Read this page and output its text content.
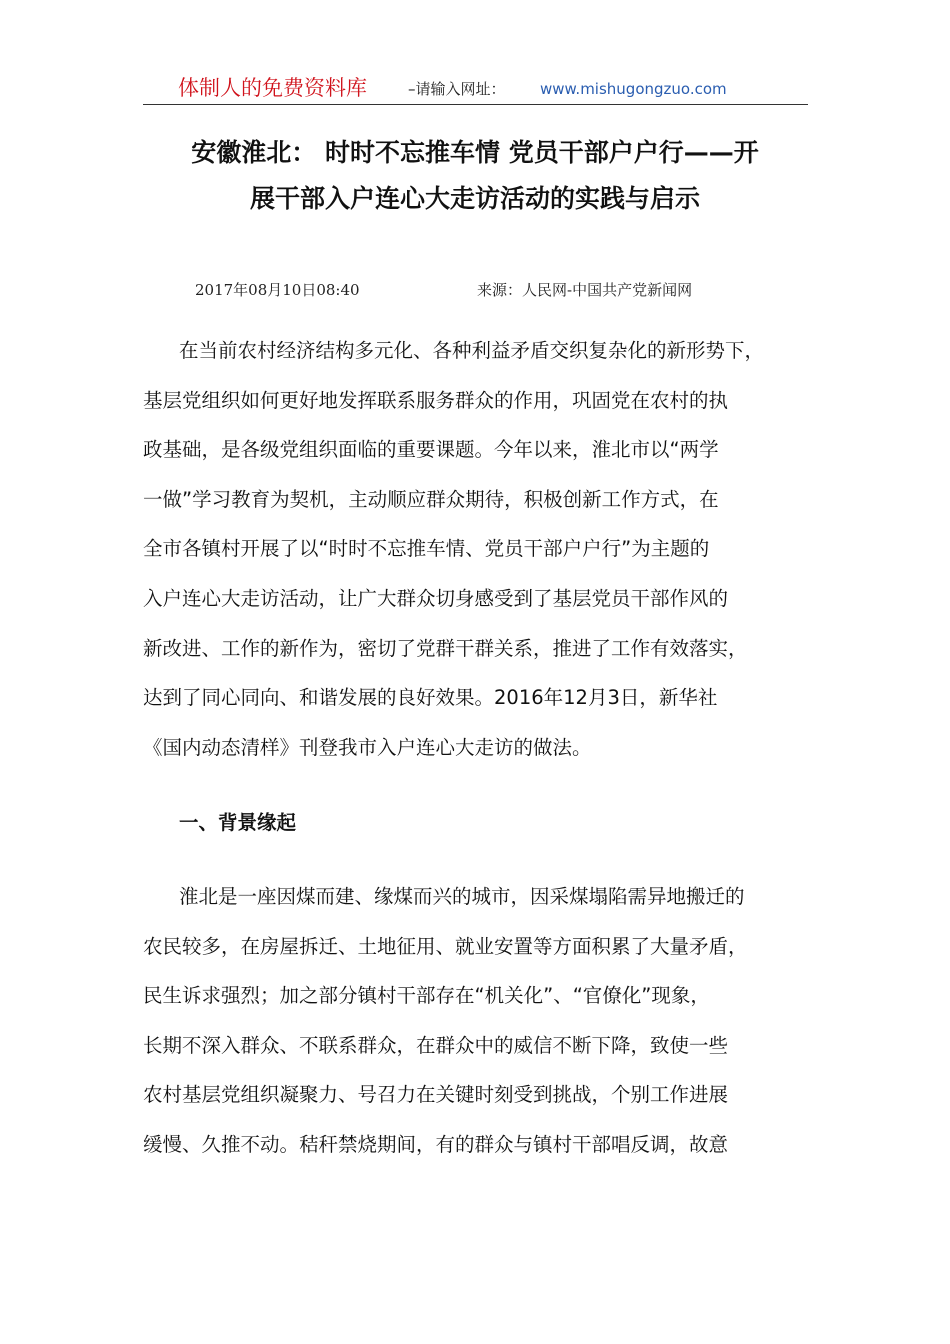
体制人的免费资料库	–请输入网址： www.mishugongzuo.com
安徽淮北： 时时不忘推车情 党员干部户户行——开
展干部入户连心大走访活动的实践与启示
2017年08月10日08:40	来源：人民网-中国共产党新闻网
在当前农村经济结构多元化、各种利益矛盾交织复杂化的新形势下，
基层党组织如何更好地发挥联系服务群众的作用，巩固党在农村的执
政基础，是各级党组织面临的重要课题。今年以来，淮北市以“两学
一做”学习教育为契机，主动顺应群众期待，积极创新工作方式，在
全市各镇村开展了以“时时不忘推车情、党员干部户户行”为主题的
入户连心大走访活动，让广大群众切身感受到了基层党员干部作风的
新改进、工作的新作为，密切了党群干群关系，推进了工作有效落实，
达到了同心同向、和谐发展的良好效果。2016年12月3日，新华社
《国内动态清样》刊登我市入户连心大走访的做法。
一、背景缘起
淮北是一座因煤而建、缘煤而兴的城市，因采煤塌陷需异地搬迁的
农民较多，在房屋拆迁、土地征用、就业安置等方面积累了大量矛盾，
民生诉求强烈；加之部分镇村干部存在“机关化”、“官僚化”现象，
长期不深入群众、不联系群众，在群众中的威信不断下降，致使一些
农村基层党组织凝聚力、号召力在关键时刻受到挑战，个别工作进展
缓慢、久推不动。秸秆禁烧期间，有的群众与镇村干部唱反调，故意
